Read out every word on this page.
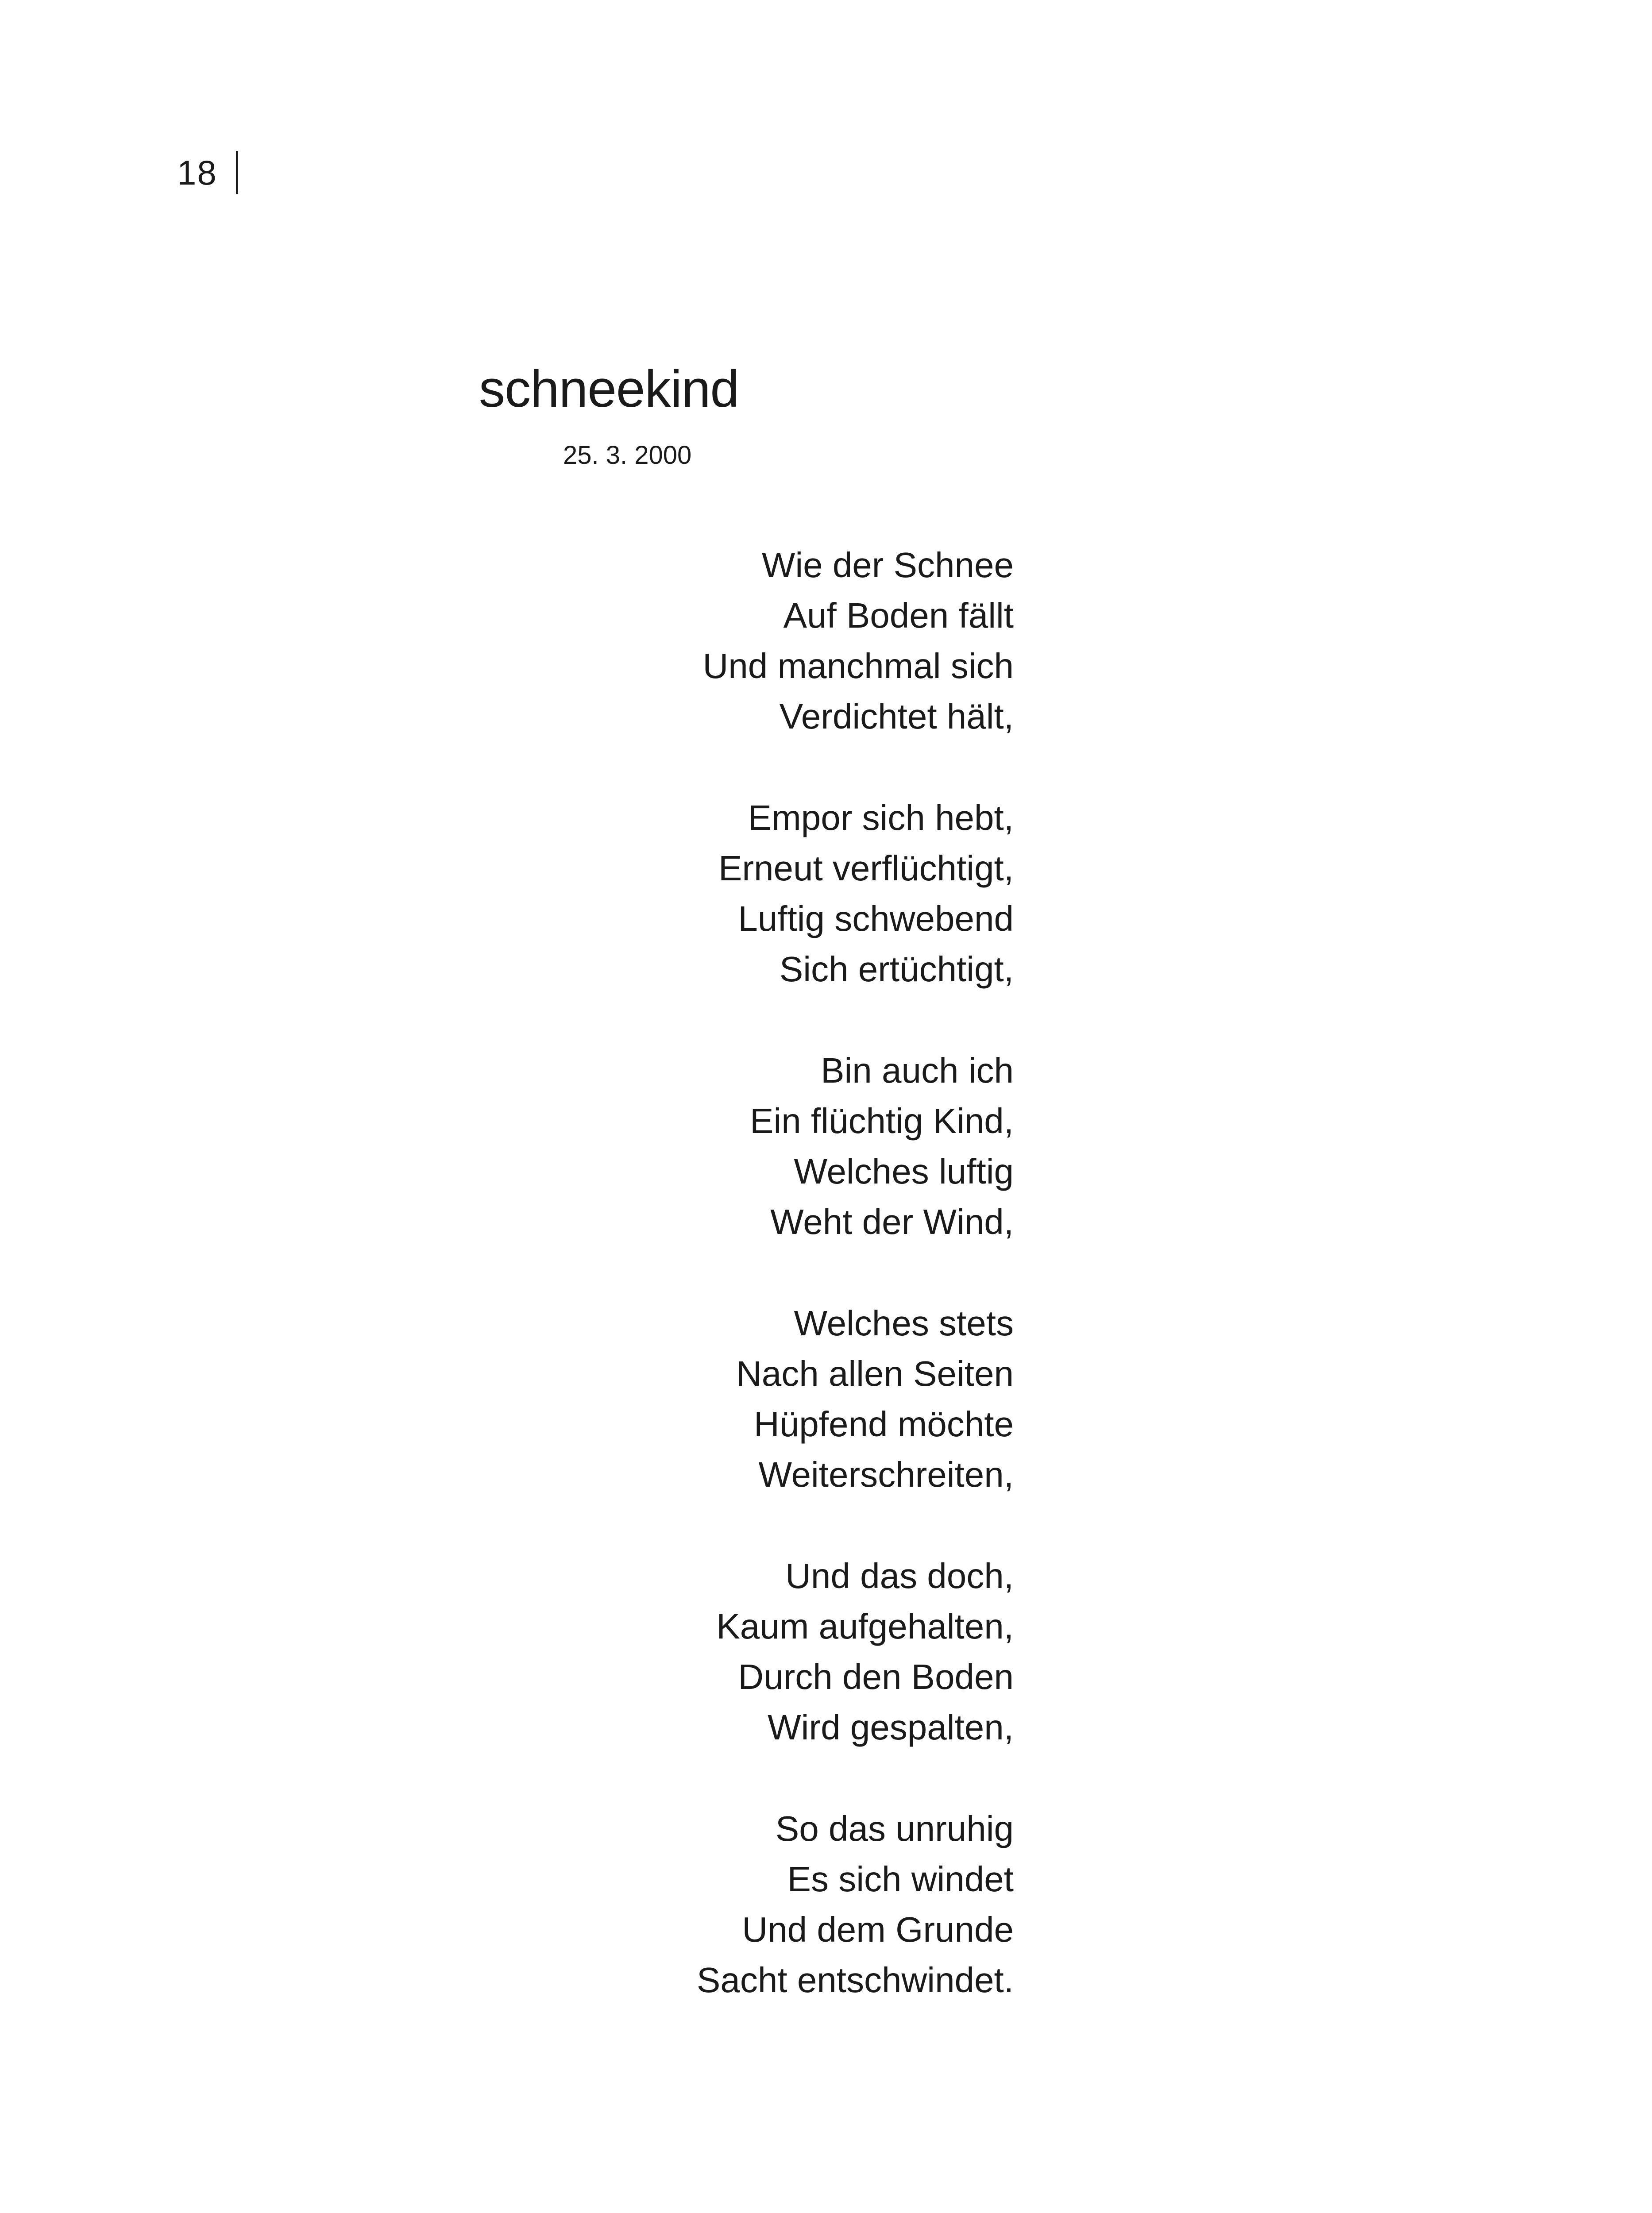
18
schneekind
25. 3. 2000
Wie der Schnee
Auf Boden fällt
Und manchmal sich
Verdichtet hält,
Empor sich hebt,
Erneut verflüchtigt,
Luftig schwebend
Sich ertüchtigt,
Bin auch ich
Ein flüchtig Kind,
Welches luftig
Weht der Wind,
Welches stets
Nach allen Seiten
Hüpfend möchte
Weiterschreiten,
Und das doch,
Kaum aufgehalten,
Durch den Boden
Wird gespalten,
So das unruhig
Es sich windet
Und dem Grunde
Sacht entschwindet.
